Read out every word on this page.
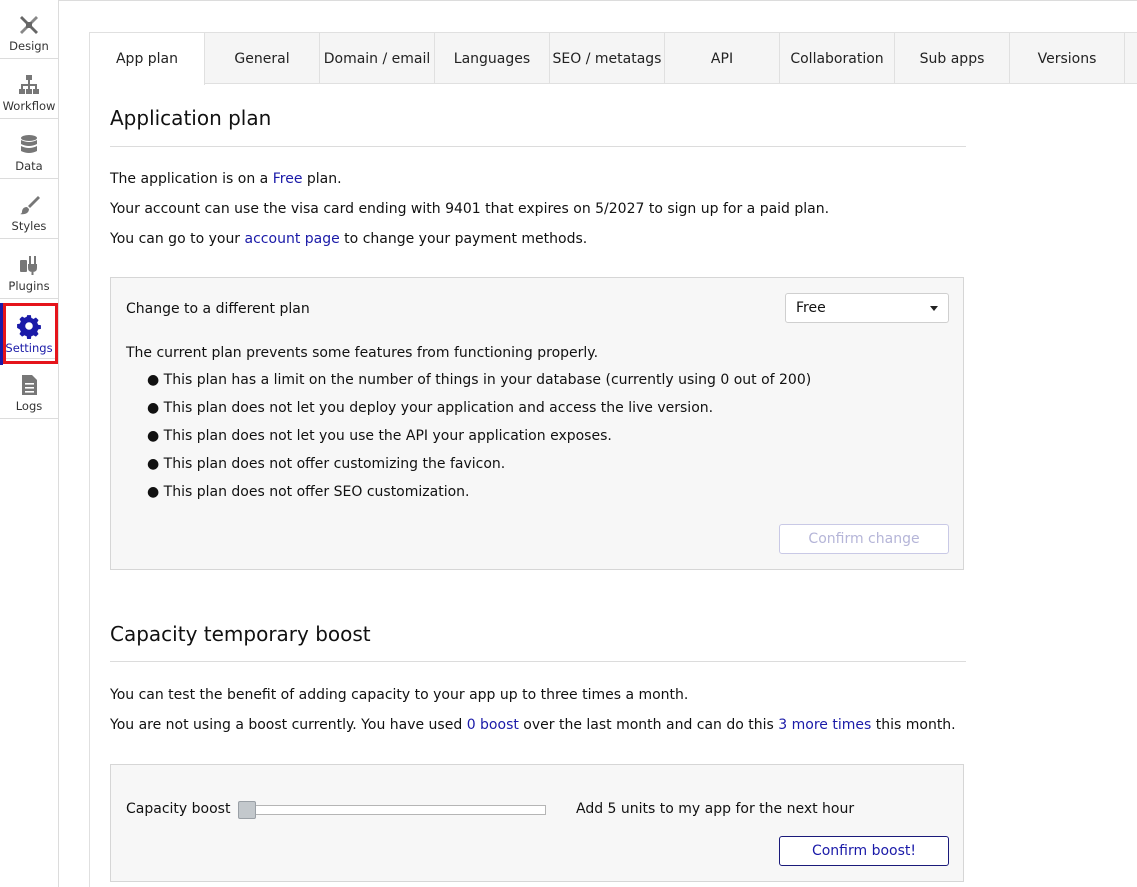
Design
Workflow
Data
Styles
Plugins
Settings
Logs
App plan	General	Domain / email	Languages	SEO / metatags	API	Collaboration	Sub apps	Versions
Application plan
The application is on a Free plan.
Your account can use the visa card ending with 9401 that expires on 5/2027 to sign up for a paid plan.
You can go to your account page to change your payment methods.
Change to a different plan	Free
The current plan prevents some features from functioning properly.
● This plan has a limit on the number of things in your database (currently using 0 out of 200)
● This plan does not let you deploy your application and access the live version.
● This plan does not let you use the API your application exposes.
● This plan does not offer customizing the favicon.
● This plan does not offer SEO customization.
Confirm change
Capacity temporary boost
You can test the benefit of adding capacity to your app up to three times a month.
You are not using a boost currently. You have used 0 boost over the last month and can do this 3 more times this month.
Capacity boost	Add 5 units to my app for the next hour
Confirm boost!
